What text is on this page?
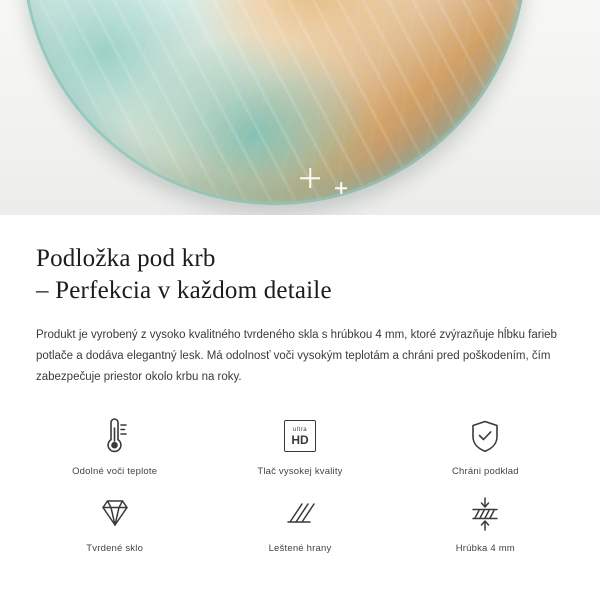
Podložka pod krb
– Perfekcia v každom detaile

Produkt je vyrobený z vysoko kvalitného tvrdeného skla s hrúbkou 4 mm, ktoré zvýrazňuje hĺbku farieb potlače a dodáva elegantný lesk. Má odolnosť voči vysokým teplotám a chráni pred poškodením, čím zabezpečuje priestor okolo krbu na roky.

Odolné voči teplote
ultra
HD
Tlač vysokej kvality	Chráni podklad
Tvrdené sklo	Leštené hrany	Hrúbka 4 mm
